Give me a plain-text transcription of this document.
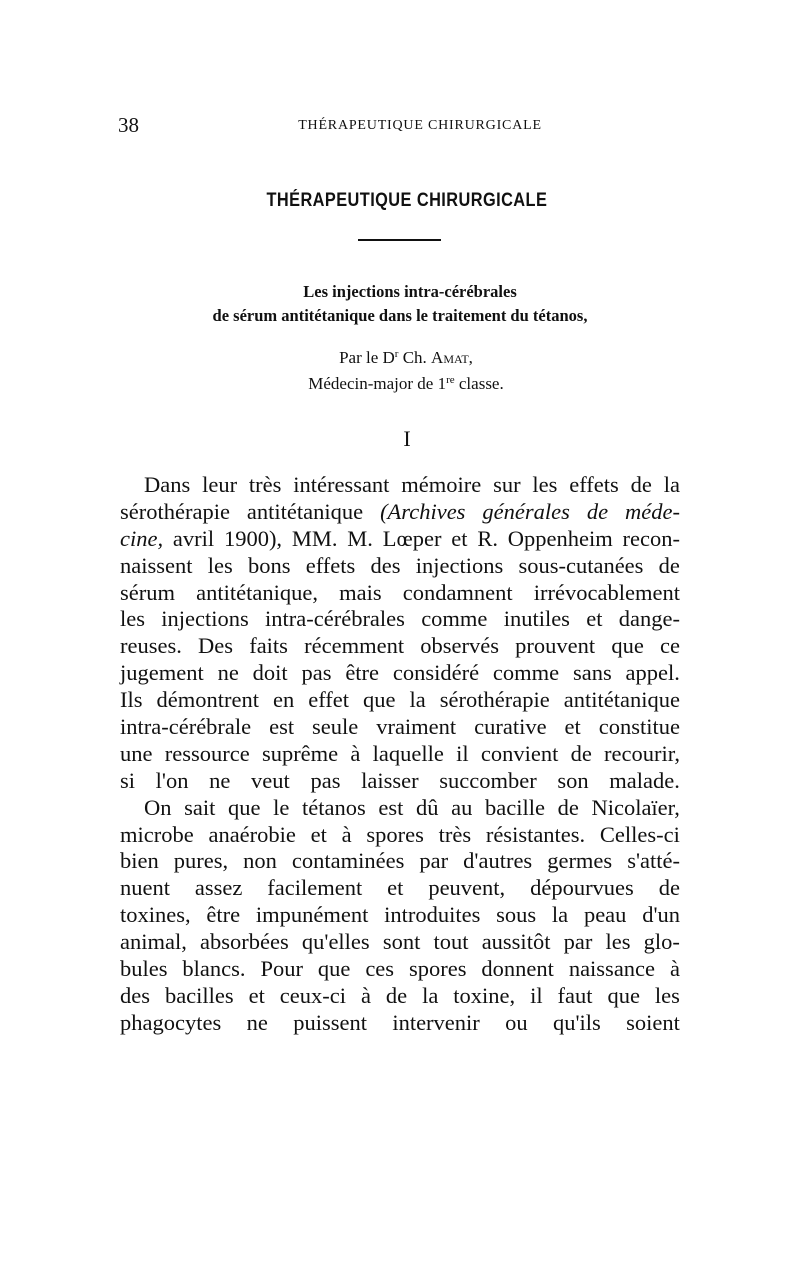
38	THÉRAPEUTIQUE CHIRURGICALE
THÉRAPEUTIQUE CHIRURGICALE
Les injections intra-cérébrales
de sérum antitétanique dans le traitement du tétanos,
Par le $D^r$ Ch. Amat,
Médecin-major de 1re classe.
I
Dans leur très intéressant mémoire sur les effets de la
sérothérapie antitétanique (Archives générales de méde-
cine, avril 1900), MM. M. Lœper et R. Oppenheim recon-
naissent les bons effets des injections sous-cutanées de
sérum antitétanique, mais condamnent irrévocablement
les injections intra-cérébrales comme inutiles et dange-
reuses. Des faits récemment observés prouvent que ce
jugement ne doit pas être considéré comme sans appel.
Ils démontrent en effet que la sérothérapie antitétanique
intra-cérébrale est seule vraiment curative et constitue
une ressource suprême à laquelle il convient de recourir,
si l'on ne veut pas laisser succomber son malade.
On sait que le tétanos est dû au bacille de Nicolaïer,
microbe anaérobie et à spores très résistantes. Celles-ci
bien pures, non contaminées par d'autres germes s'atté-
nuent assez facilement et peuvent, dépourvues de
toxines, être impunément introduites sous la peau d'un
animal, absorbées qu'elles sont tout aussitôt par les glo-
bules blancs. Pour que ces spores donnent naissance à
des bacilles et ceux-ci à de la toxine, il faut que les
phagocytes ne puissent intervenir ou qu'ils soient
